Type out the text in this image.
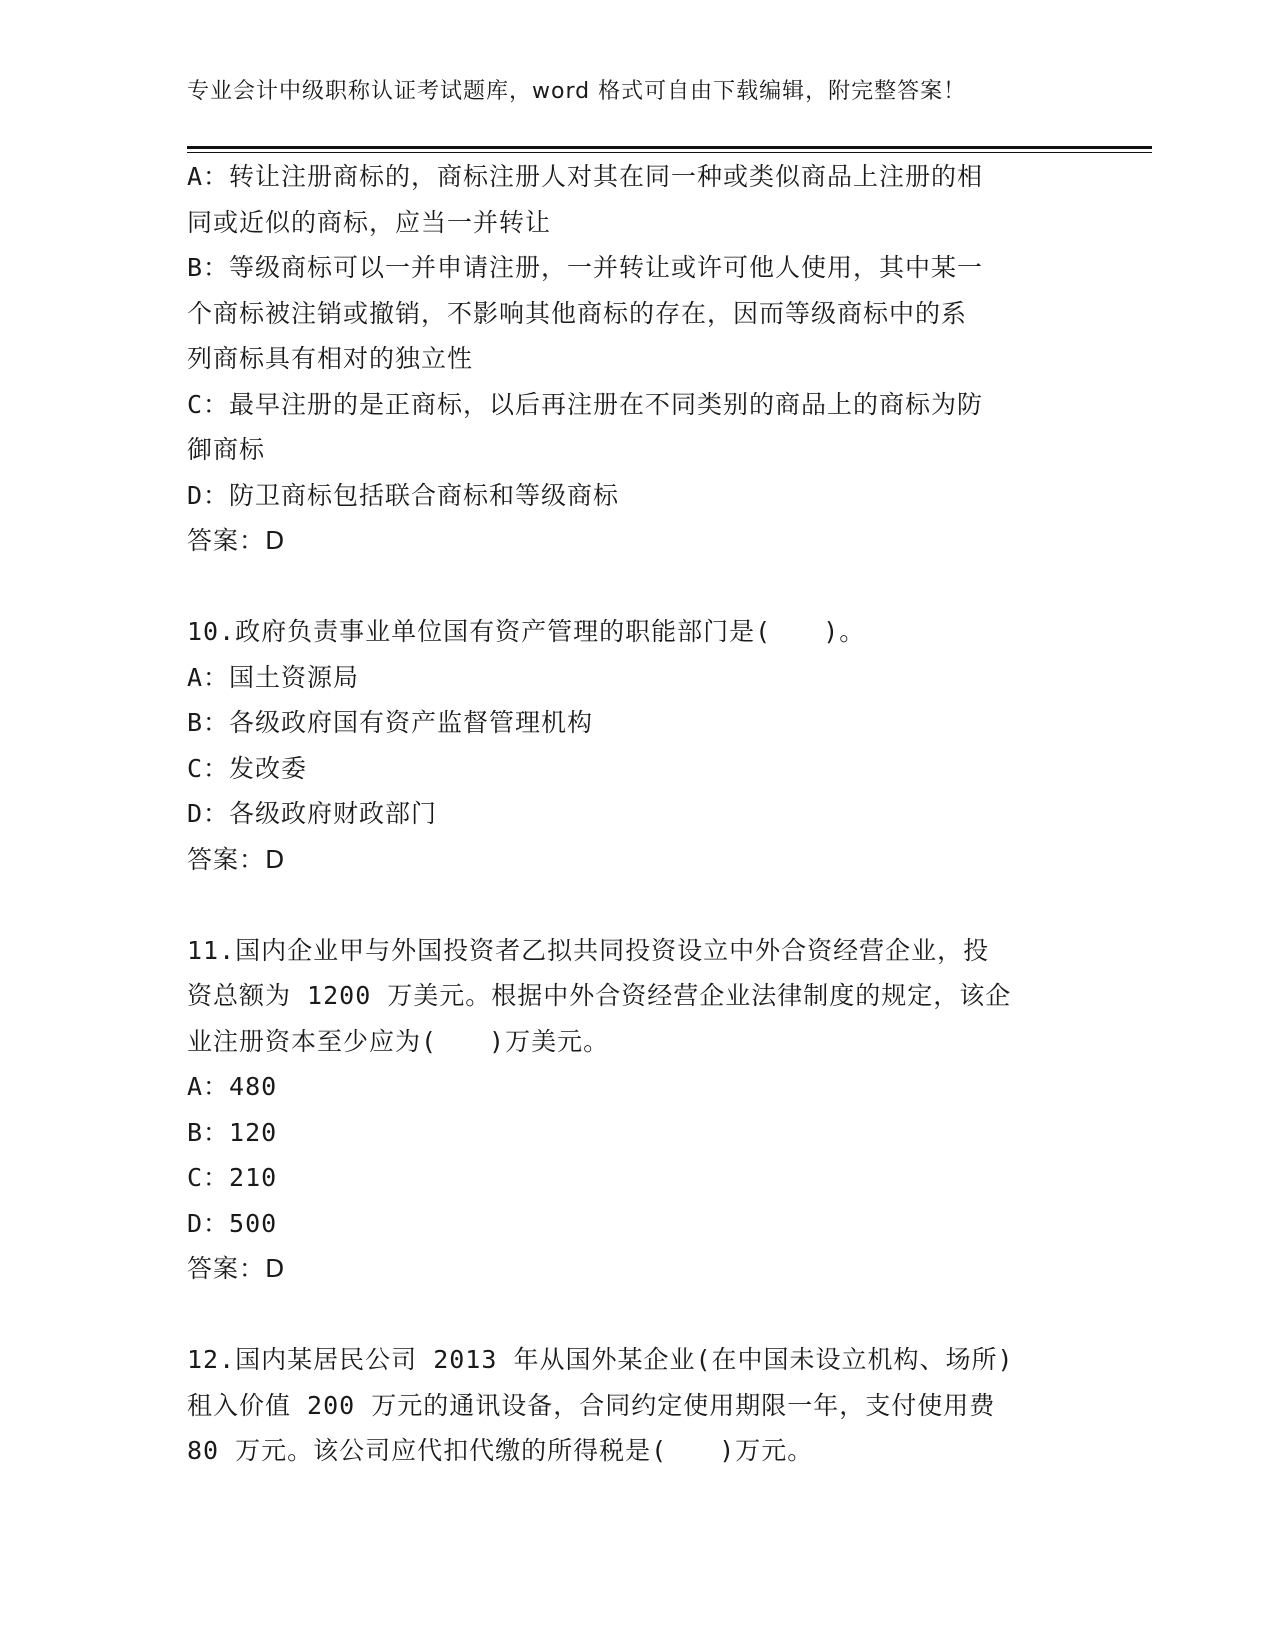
专业会计中级职称认证考试题库，word 格式可自由下载编辑，附完整答案！
A：转让注册商标的，商标注册人对其在同一种或类似商品上注册的相
同或近似的商标，应当一并转让
B：等级商标可以一并申请注册，一并转让或许可他人使用，其中某一
个商标被注销或撤销，不影响其他商标的存在，因而等级商标中的系
列商标具有相对的独立性
C：最早注册的是正商标，以后再注册在不同类别的商品上的商标为防
御商标
D：防卫商标包括联合商标和等级商标
答案：D
10.政府负责事业单位国有资产管理的职能部门是(　　)。
A：国土资源局
B：各级政府国有资产监督管理机构
C：发改委
D：各级政府财政部门
答案：D
11.国内企业甲与外国投资者乙拟共同投资设立中外合资经营企业，投
资总额为 1200 万美元。根据中外合资经营企业法律制度的规定，该企
业注册资本至少应为(　　)万美元。
A：480
B：120
C：210
D：500
答案：D
12.国内某居民公司 2013 年从国外某企业(在中国未设立机构、场所)
租入价值 200 万元的通讯设备，合同约定使用期限一年，支付使用费
80 万元。该公司应代扣代缴的所得税是(　　)万元。
